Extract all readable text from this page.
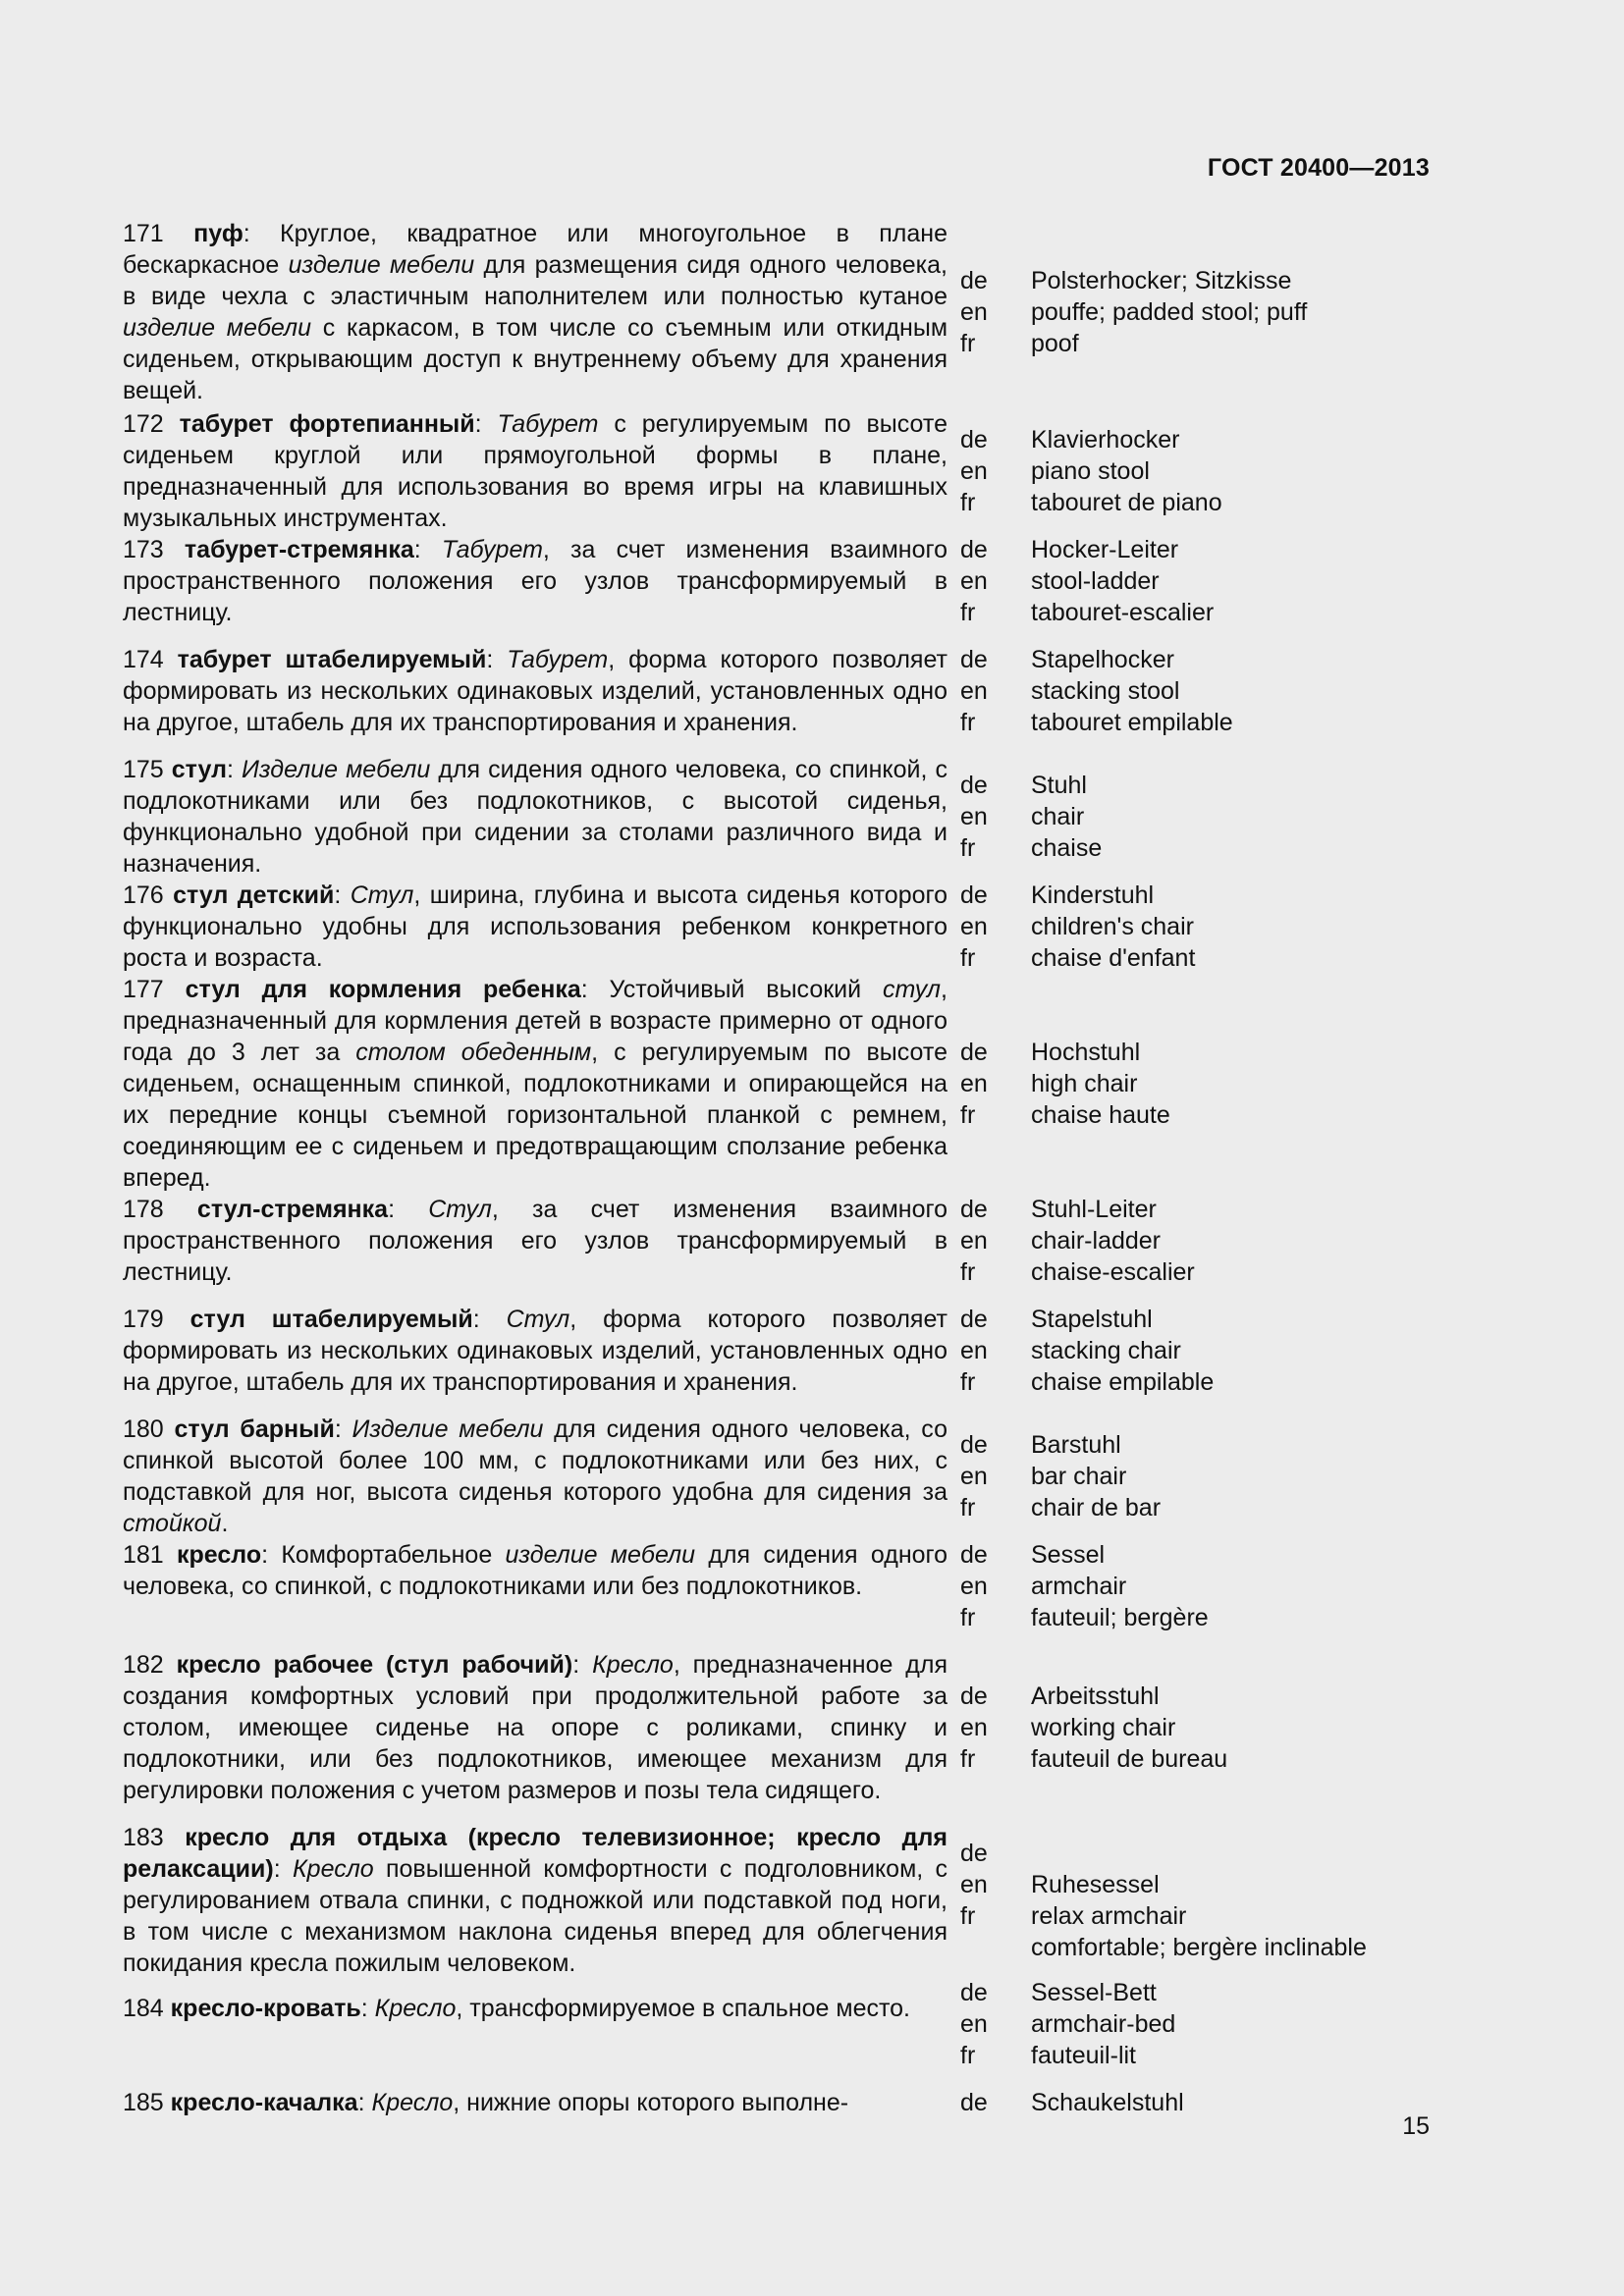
ГОСТ 20400—2013
171 пуф: Круглое, квадратное или многоугольное в плане бескаркасное изделие мебели для размещения сидя одного человека, в виде чехла с эластичным наполнителем или полностью кутаное изделие мебели с каркасом, в том числе со съемным или откидным сиденьем, открывающим доступ к внутреннему объему для хранения вещей.
de
en
fr
Polsterhocker; Sitzkisse
pouffe; padded stool; puff
poof
172 табурет фортепианный: Табурет с регулируемым по высоте сиденьем круглой или прямоугольной формы в плане, предназначенный для использования во время игры на клавишных музыкальных инструментах.
de
en
fr
Klavierhocker
piano stool
tabouret de piano
173 табурет-стремянка: Табурет, за счет изменения взаимного пространственного положения его узлов трансформируемый в лестницу.
de
en
fr
Hocker-Leiter
stool-ladder
tabouret-escalier
174 табурет штабелируемый: Табурет, форма которого позволяет формировать из нескольких одинаковых изделий, установленных одно на другое, штабель для их транспортирования и хранения.
de
en
fr
Stapelhocker
stacking stool
tabouret empilable
175 стул: Изделие мебели для сидения одного человека, со спинкой, с подлокотниками или без подлокотников, с высотой сиденья, функционально удобной при сидении за столами различного вида и назначения.
de
en
fr
Stuhl
chair
chaise
176 стул детский: Стул, ширина, глубина и высота сиденья которого функционально удобны для использования ребенком конкретного роста и возраста.
de
en
fr
Kinderstuhl
children's chair
chaise d'enfant
177 стул для кормления ребенка: Устойчивый высокий стул, предназначенный для кормления детей в возрасте примерно от одного года до 3 лет за столом обеденным, с регулируемым по высоте сиденьем, оснащенным спинкой, подлокотниками и опирающейся на их передние концы съемной горизонтальной планкой с ремнем, соединяющим ее с сиденьем и предотвращающим сползание ребенка вперед.
de
en
fr
Hochstuhl
high chair
chaise haute
178 стул-стремянка: Стул, за счет изменения взаимного пространственного положения его узлов трансформируемый в лестницу.
de
en
fr
Stuhl-Leiter
chair-ladder
chaise-escalier
179 стул штабелируемый: Стул, форма которого позволяет формировать из нескольких одинаковых изделий, установленных одно на другое, штабель для их транспортирования и хранения.
de
en
fr
Stapelstuhl
stacking chair
chaise empilable
180 стул барный: Изделие мебели для сидения одного человека, со спинкой высотой более 100 мм, с подлокотниками или без них, с подставкой для ног, высота сиденья которого удобна для сидения за стойкой.
de
en
fr
Barstuhl
bar chair
chair de bar
181 кресло: Комфортабельное изделие мебели для сидения одного человека, со спинкой, с подлокотниками или без подлокотников.
de
en
fr
Sessel
armchair
fauteuil; bergère
182 кресло рабочее (стул рабочий): Кресло, предназначенное для создания комфортных условий при продолжительной работе за столом, имеющее сиденье на опоре с роликами, спинку и подлокотники, или без подлокотников, имеющее механизм для регулировки положения с учетом размеров и позы тела сидящего.
de
en
fr
Arbeitsstuhl
working chair
fauteuil de bureau
183 кресло для отдыха (кресло телевизионное; кресло для релаксации): Кресло повышенной комфортности с подголовником, с регулированием отвала спинки, с подножкой или подставкой под ноги, в том числе с механизмом наклона сиденья вперед для облегчения покидания кресла пожилым человеком.
de
en
fr
Ruhesessel
relax armchair
comfortable; bergère inclinable
184 кресло-кровать: Кресло, трансформируемое в спальное место.
de
en
fr
Sessel-Bett
armchair-bed
fauteuil-lit
185 кресло-качалка: Кресло, нижние опоры которого выполне-	de	Schaukelstuhl
15
